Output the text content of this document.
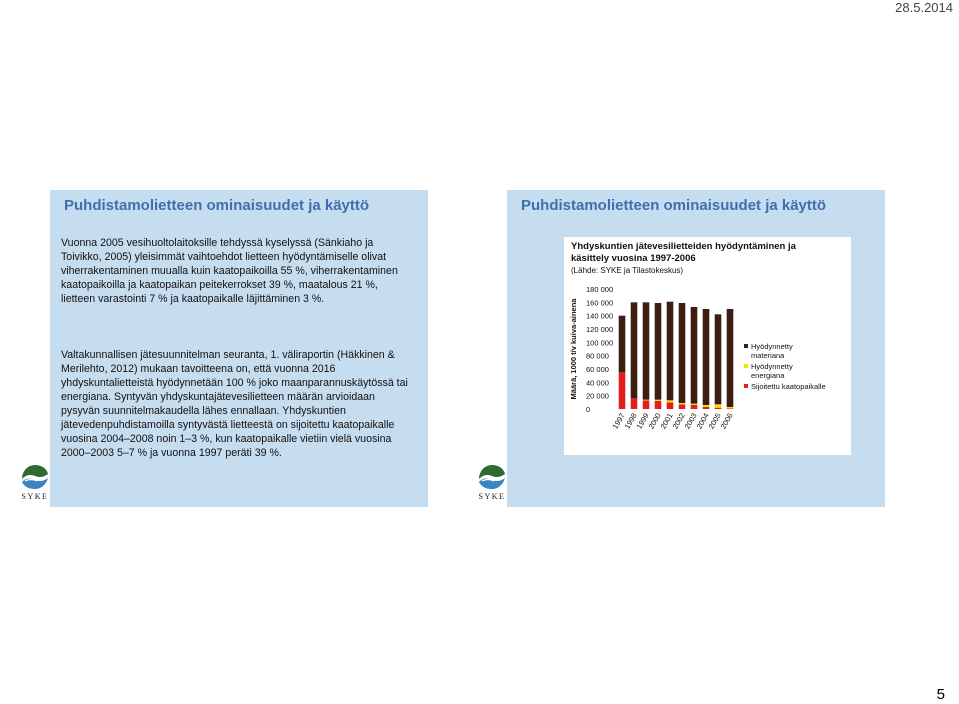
28.5.2014
Puhdistamolietteen ominaisuudet ja käyttö
Vuonna 2005 vesihuoltolaitoksille tehdyssä kyselyssä (Sänkiaho ja Toivikko, 2005) yleisimmät vaihtoehdot lietteen hyödyntämiselle olivat viherrakentaminen muualla kuin kaatopaikoilla 55 %, viherrakentaminen kaatopaikoilla ja kaatopaikan peitekerrokset 39 %, maatalous 21 %, lietteen varastointi 7 % ja kaatopaikalle läjittäminen 3 %.
Valtakunnallisen jätesuunnitelman seuranta, 1. väliraportin (Häkkinen & Merilehto, 2012) mukaan tavoitteena on, että vuonna 2016 yhdyskuntalietteistä hyödynnetään 100 % joko maanparannuskäytössä tai energiana. Syntyvän yhdyskuntajätevesilietteen määrän arvioidaan pysyvän suunnitelmakaudella lähes ennallaan. Yhdyskuntien jätevedenpuhdistamoilla syntyvästä lietteestä on sijoitettu kaatopaikalle vuosina 2004–2008 noin 1–3 %, kun kaatopaikalle vietiin vielä vuosina 2000–2003 5–7 % ja vuonna 1997 peräti 39 %.
SYKE
Puhdistamolietteen ominaisuudet ja käyttö
Yhdyskuntien jätevesilietteiden hyödyntäminen ja käsittely vuosina 1997-2006
(Lähde: SYKE ja Tilastokeskus)
Määrä, 1000 t/v kuiva-ainena
0
20 000
40 000
60 000
80 000
100 000
120 000
140 000
160 000
180 000
1997
1998
1999
2000
2001
2002
2003
2004
2005
2006
Hyödynnetty
materiana
Hyödynnetty
energiana
Sijoitettu kaatopaikalle
SYKE
5
